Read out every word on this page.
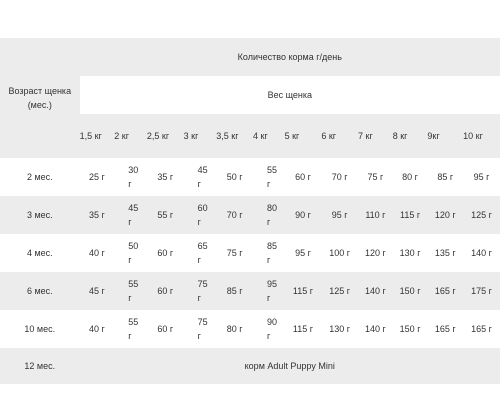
Возраст щенка (мес.)	Количество корма г/день											
	Вес щенка											
	1,5 кг	2 кг	2,5 кг	3 кг	3,5 кг	4 кг	5 кг	6 кг	7 кг	8 кг	9кг	10 кг
2 мес.	25 г	30 г	35 г	45 г	50 г	55 г	60 г	70 г	75 г	80 г	85 г	95 г
3 мес.	35 г	45 г	55 г	60 г	70 г	80 г	90 г	95 г	110 г	115 г	120 г	125 г
4 мес.	40 г	50 г	60 г	65 г	75 г	85 г	95 г	100 г	120 г	130 г	135 г	140 г
6 мес.	45 г	55 г	60 г	75 г	85 г	95 г	115 г	125 г	140 г	150 г	165 г	175 г
10 мес.	40 г	55 г	60 г	75 г	80 г	90 г	115 г	130 г	140 г	150 г	165 г	165 г
12 мес.	корм Adult Puppy Mini											
